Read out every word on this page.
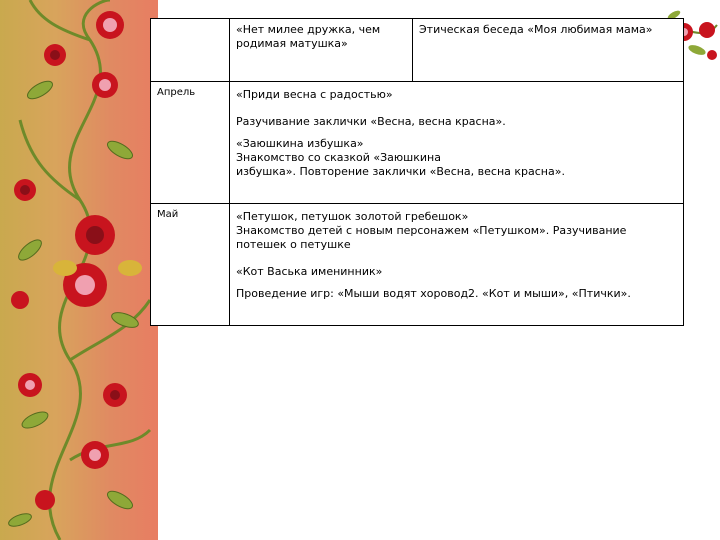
	«Нет милее дружка, чем

родимая матушка»	Этическая беседа «Моя любимая мама»
Апрель	«Приди весна с радостью»

Разучивание заклички «Весна, весна красна».

«Заюшкина избушка»

Знакомство со сказкой «Заюшкина

избушка». Повторение заклички «Весна, весна красна».	

Май	«Петушок, петушок золотой гребешок»

Знакомство детей с новым персонажем «Петушком». Разучивание

потешек о петушке

«Кот Васька именинник»

Проведение игр: «Мыши водят хоровод2. «Кот и мыши», «Птички».	
